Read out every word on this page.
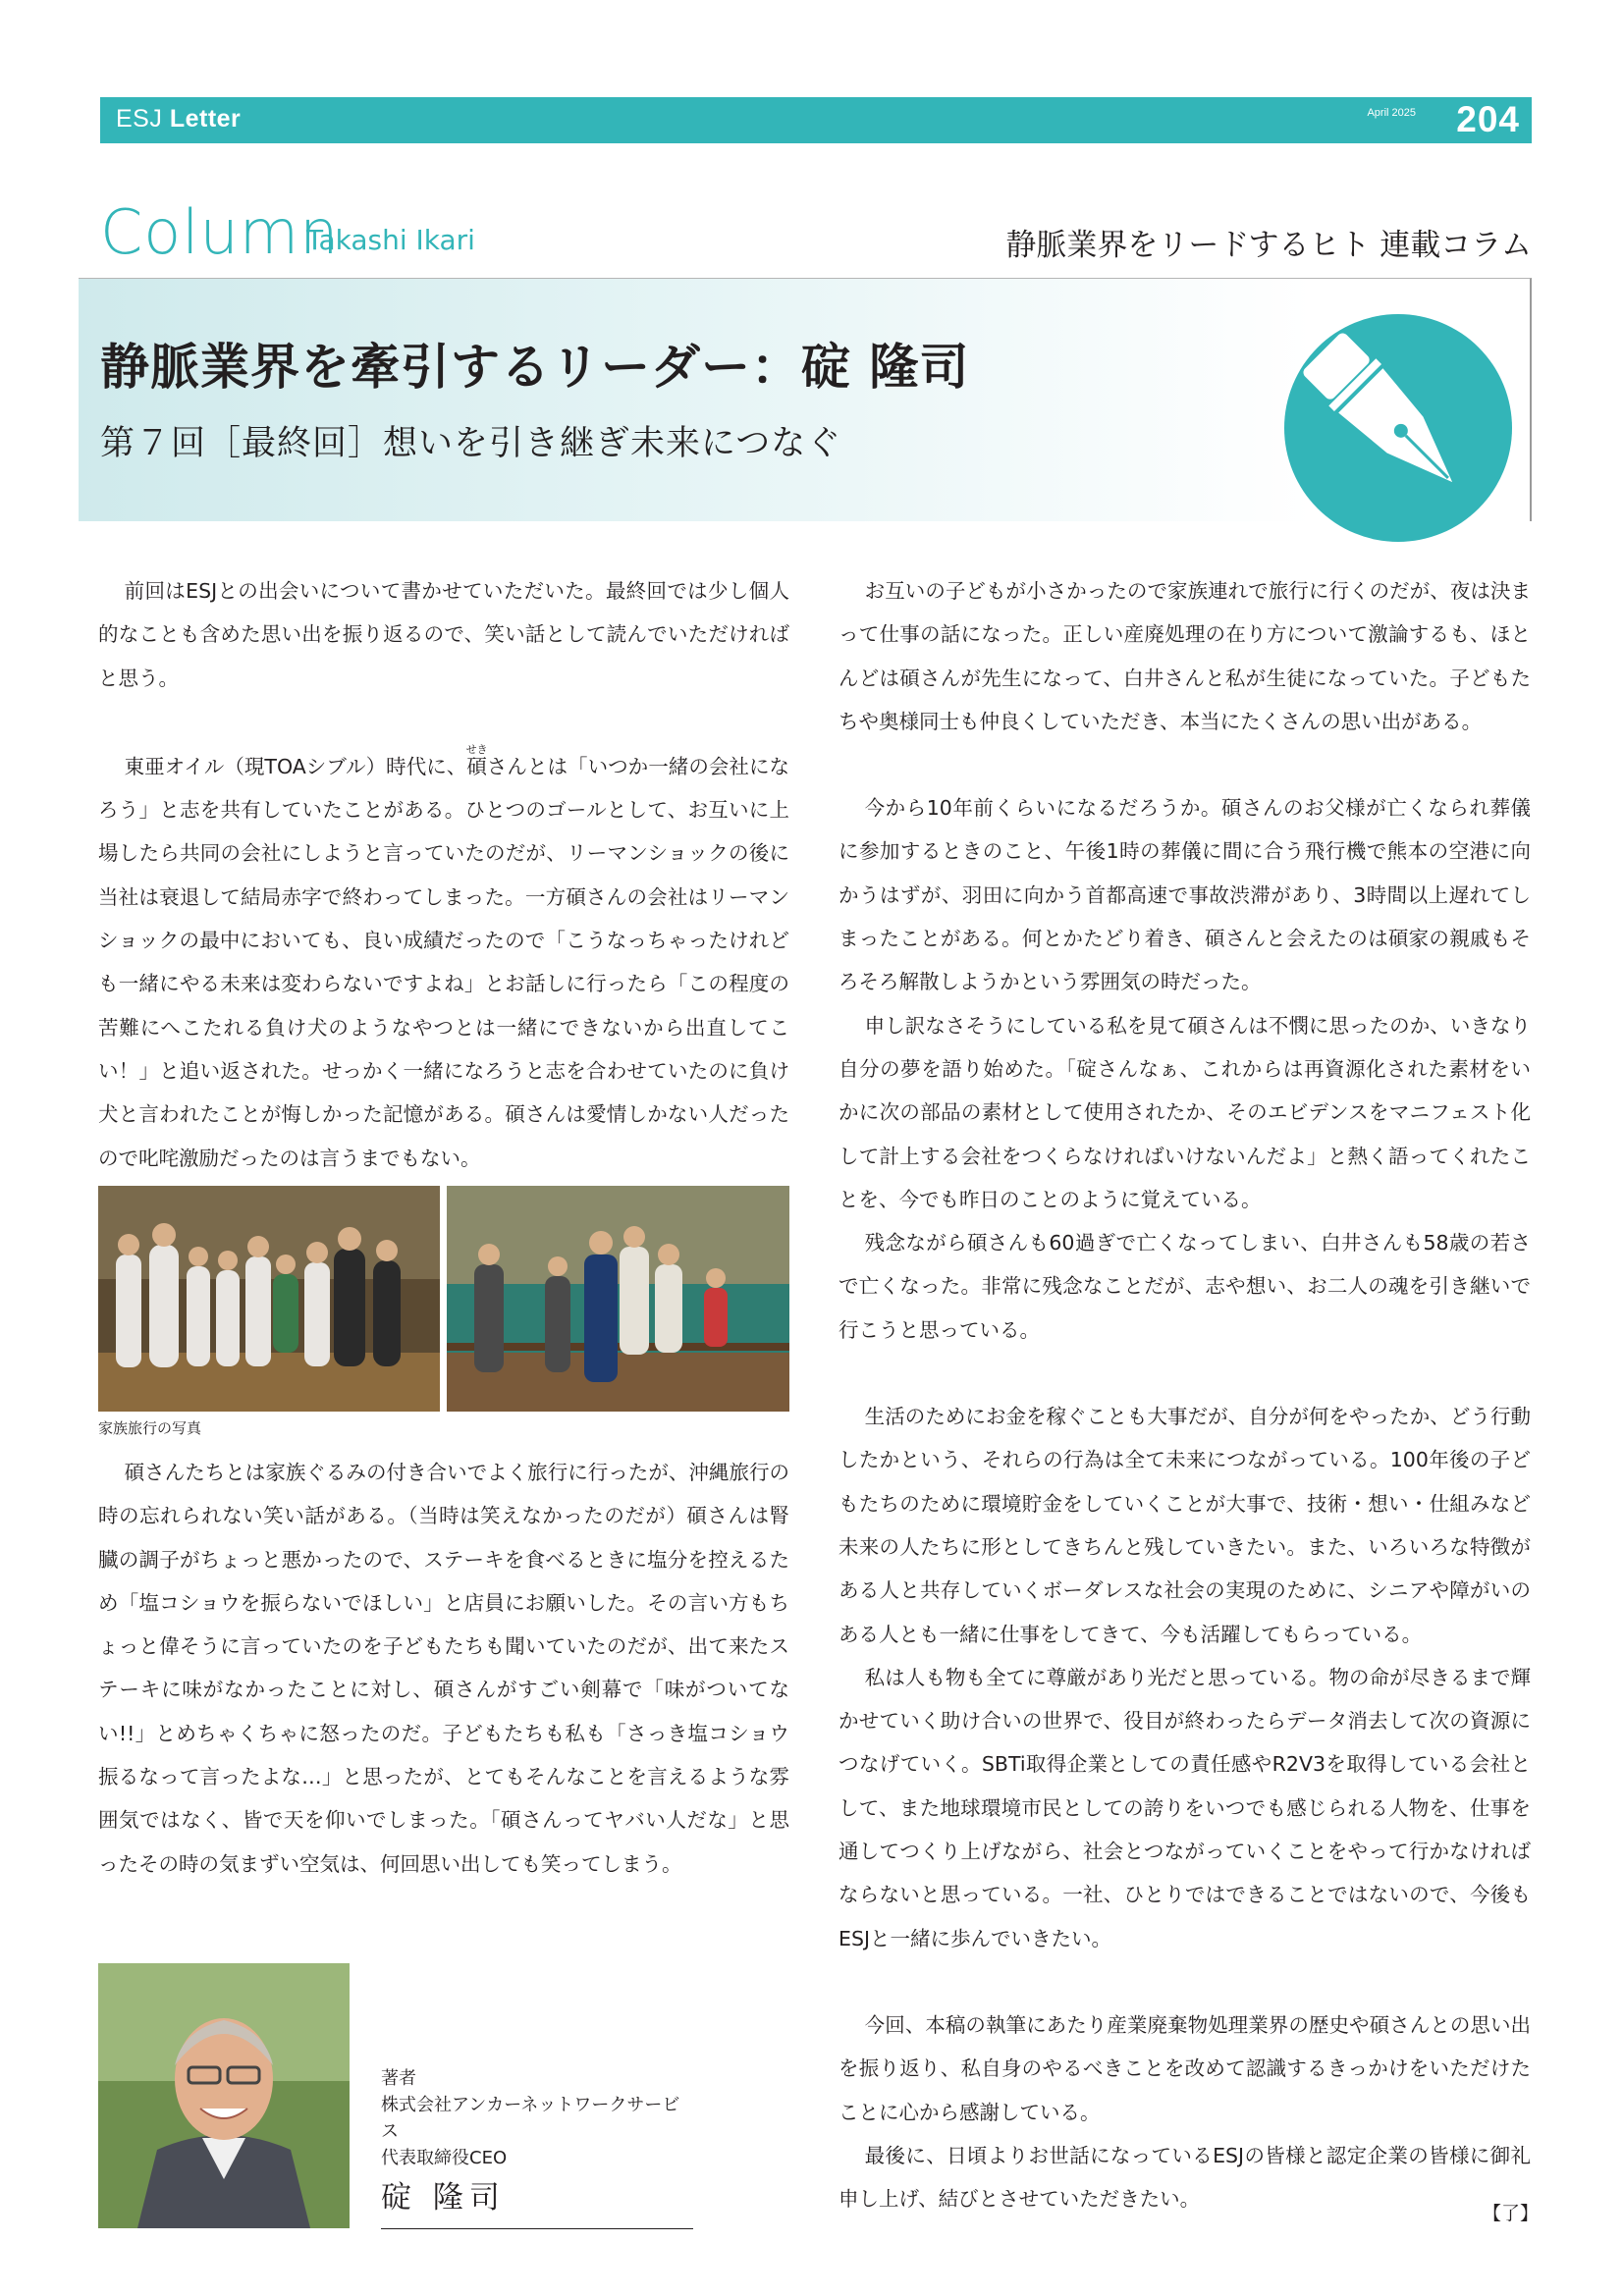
ESJ Letter	April 2025 204
Column
Takashi Ikari	静脈業界をリードするヒト 連載コラム
静脈業界を牽引するリーダー：碇 隆司
第７回［最終回］想いを引き継ぎ未来につなぐ

前回はESJとの出会いについて書かせていただいた。最終回では少し個人的なことも含めた思い出を振り返るので、笑い話として読んでいただければと思う。

東亜オイル（現TOAシブル）時代に、碩せきさんとは「いつか一緒の会社になろう」と志を共有していたことがある。ひとつのゴールとして、お互いに上場したら共同の会社にしようと言っていたのだが、リーマンショックの後に当社は衰退して結局赤字で終わってしまった。一方碩さんの会社はリーマンショックの最中においても、良い成績だったので「こうなっちゃったけれども一緒にやる未来は変わらないですよね」とお話しに行ったら「この程度の苦難にへこたれる負け犬のようなやつとは一緒にできないから出直してこい！」と追い返された。せっかく一緒になろうと志を合わせていたのに負け犬と言われたことが悔しかった記憶がある。碩さんは愛情しかない人だったので叱咤激励だったのは言うまでもない。

家族旅行の写真

碩さんたちとは家族ぐるみの付き合いでよく旅行に行ったが、沖縄旅行の時の忘れられない笑い話がある。（当時は笑えなかったのだが）碩さんは腎臓の調子がちょっと悪かったので、ステーキを食べるときに塩分を控えるため「塩コショウを振らないでほしい」と店員にお願いした。その言い方もちょっと偉そうに言っていたのを子どもたちも聞いていたのだが、出て来たステーキに味がなかったことに対し、碩さんがすごい剣幕で「味がついてない!!」とめちゃくちゃに怒ったのだ。子どもたちも私も「さっき塩コショウ振るなって言ったよな…」と思ったが、とてもそんなことを言えるような雰囲気ではなく、皆で天を仰いでしまった。「碩さんってヤバい人だな」と思ったその時の気まずい空気は、何回思い出しても笑ってしまう。

著者
株式会社アンカーネットワークサービス
代表取締役CEO
碇 隆司

お互いの子どもが小さかったので家族連れで旅行に行くのだが、夜は決まって仕事の話になった。正しい産廃処理の在り方について激論するも、ほとんどは碩さんが先生になって、白井さんと私が生徒になっていた。子どもたちや奥様同士も仲良くしていただき、本当にたくさんの思い出がある。

今から10年前くらいになるだろうか。碩さんのお父様が亡くなられ葬儀に参加するときのこと、午後1時の葬儀に間に合う飛行機で熊本の空港に向かうはずが、羽田に向かう首都高速で事故渋滞があり、3時間以上遅れてしまったことがある。何とかたどり着き、碩さんと会えたのは碩家の親戚もそろそろ解散しようかという雰囲気の時だった。

申し訳なさそうにしている私を見て碩さんは不憫に思ったのか、いきなり自分の夢を語り始めた。「碇さんなぁ、これからは再資源化された素材をいかに次の部品の素材として使用されたか、そのエビデンスをマニフェスト化して計上する会社をつくらなければいけないんだよ」と熱く語ってくれたことを、今でも昨日のことのように覚えている。

残念ながら碩さんも60過ぎで亡くなってしまい、白井さんも58歳の若さで亡くなった。非常に残念なことだが、志や想い、お二人の魂を引き継いで行こうと思っている。

生活のためにお金を稼ぐことも大事だが、自分が何をやったか、どう行動したかという、それらの行為は全て未来につながっている。100年後の子どもたちのために環境貯金をしていくことが大事で、技術・想い・仕組みなど未来の人たちに形としてきちんと残していきたい。また、いろいろな特徴がある人と共存していくボーダレスな社会の実現のために、シニアや障がいのある人とも一緒に仕事をしてきて、今も活躍してもらっている。

私は人も物も全てに尊厳があり光だと思っている。物の命が尽きるまで輝かせていく助け合いの世界で、役目が終わったらデータ消去して次の資源につなげていく。SBTi取得企業としての責任感やR2V3を取得している会社として、また地球環境市民としての誇りをいつでも感じられる人物を、仕事を通してつくり上げながら、社会とつながっていくことをやって行かなければならないと思っている。一社、ひとりではできることではないので、今後もESJと一緒に歩んでいきたい。

今回、本稿の執筆にあたり産業廃棄物処理業界の歴史や碩さんとの思い出を振り返り、私自身のやるべきことを改めて認識するきっかけをいただけたことに心から感謝している。

最後に、日頃よりお世話になっているESJの皆様と認定企業の皆様に御礼申し上げ、結びとさせていただきたい。

【了】
